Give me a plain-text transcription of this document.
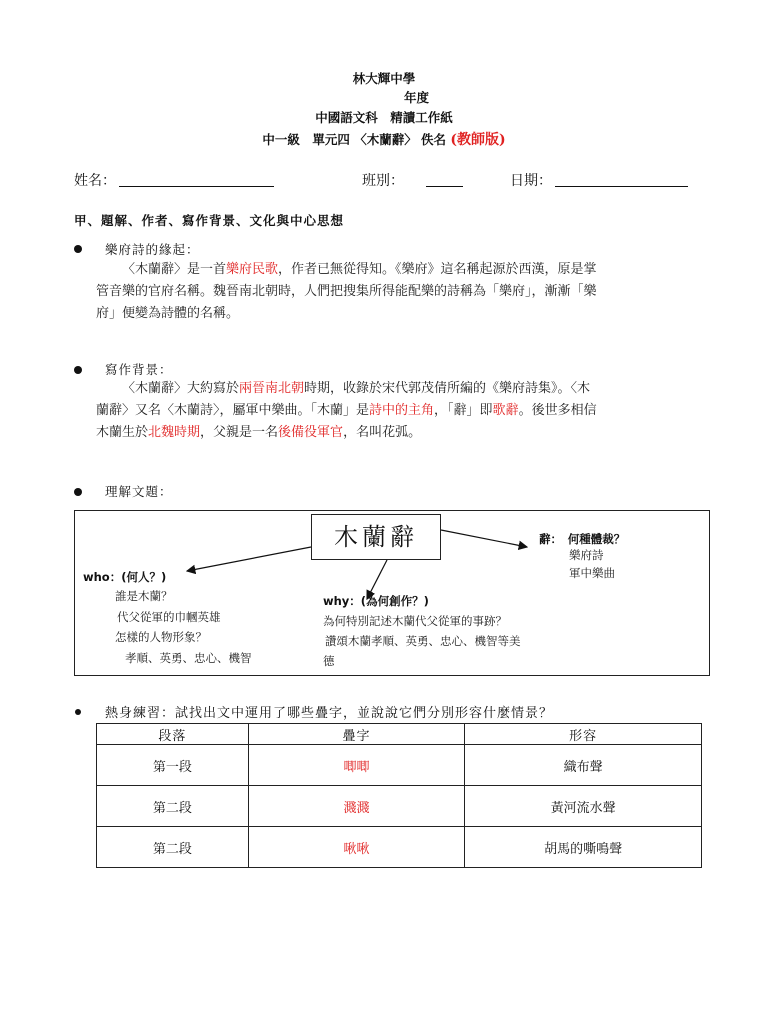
林大輝中學
年度
中國語文科　精讀工作紙
中一級　單元四 〈木蘭辭〉 佚名 (教師版)
姓名：	班別：	日期：
甲、題解、作者、寫作背景、文化與中心思想
樂府詩的緣起：

〈木蘭辭〉是一首樂府民歌，作者已無從得知。《樂府》這名稱起源於西漢，原是掌

管音樂的官府名稱。魏晉南北朝時，人們把搜集所得能配樂的詩稱為「樂府」，漸漸「樂

府」便變為詩體的名稱。

寫作背景：

〈木蘭辭〉大約寫於兩晉南北朝時期，收錄於宋代郭茂倩所編的《樂府詩集》。〈木

蘭辭〉又名〈木蘭詩〉，屬軍中樂曲。「木蘭」是詩中的主角，「辭」即歌辭。後世多相信

木蘭生於北魏時期，父親是一名後備役軍官，名叫花弧。

理解文題：
木蘭辭
who：(何人？)
誰是木蘭？
代父從軍的巾幗英雄
怎樣的人物形象？
孝順、英勇、忠心、機智
why：(為何創作？)
為何特別記述木蘭代父從軍的事跡？
讚頌木蘭孝順、英勇、忠心、機智等美
德
辭：　何種體裁？
樂府詩
軍中樂曲
熱身練習：試找出文中運用了哪些疊字，並說說它們分別形容什麼情景？
段落	疊字	形容
第一段	唧唧	織布聲
第二段	濺濺	黃河流水聲
第二段	啾啾	胡馬的嘶鳴聲
